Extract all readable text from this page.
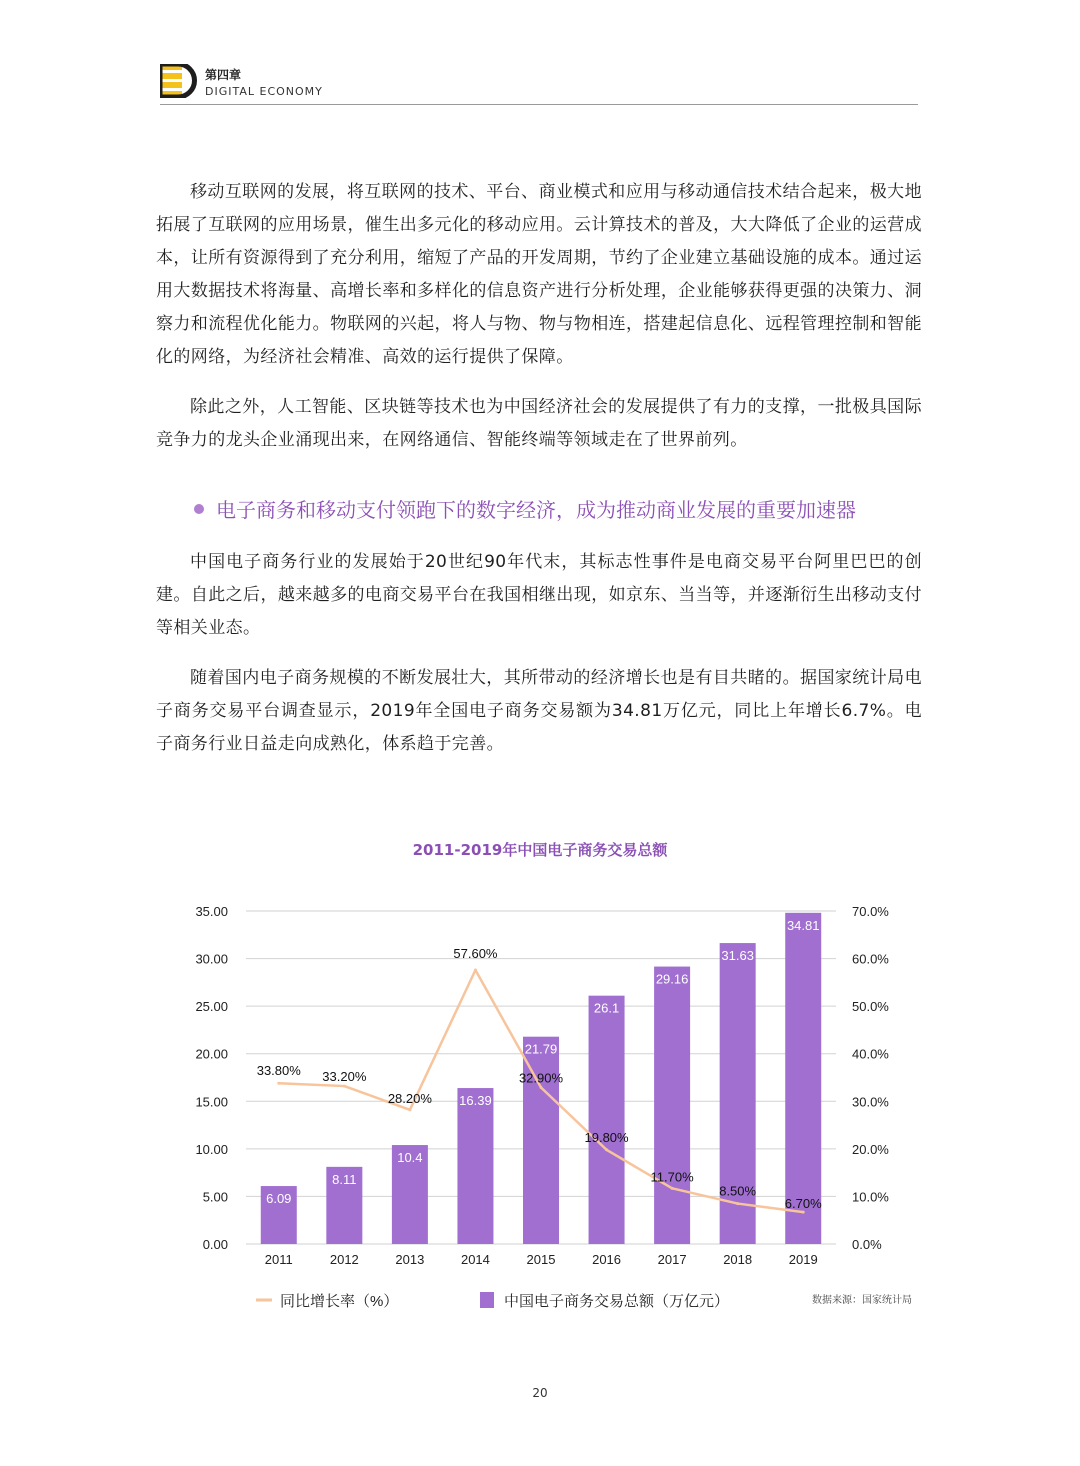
第四章
DIGITAL ECONOMY

移动互联网的发展，将互联网的技术、平台、商业模式和应用与移动通信技术结合起来，极大地拓展了互联网的应用场景，催生出多元化的移动应用。云计算技术的普及，大大降低了企业的运营成本，让所有资源得到了充分利用，缩短了产品的开发周期，节约了企业建立基础设施的成本。通过运用大数据技术将海量、高增长率和多样化的信息资产进行分析处理，企业能够获得更强的决策力、洞察力和流程优化能力。物联网的兴起，将人与物、物与物相连，搭建起信息化、远程管理控制和智能化的网络，为经济社会精准、高效的运行提供了保障。

除此之外，人工智能、区块链等技术也为中国经济社会的发展提供了有力的支撑，一批极具国际竞争力的龙头企业涌现出来，在网络通信、智能终端等领域走在了世界前列。

电子商务和移动支付领跑下的数字经济，成为推动商业发展的重要加速器

中国电子商务行业的发展始于20世纪90年代末，其标志性事件是电商交易平台阿里巴巴的创建。自此之后，越来越多的电商交易平台在我国相继出现，如京东、当当等，并逐渐衍生出移动支付等相关业态。

随着国内电子商务规模的不断发展壮大，其所带动的经济增长也是有目共睹的。据国家统计局电子商务交易平台调查显示，2019年全国电子商务交易额为34.81万亿元，同比上年增长6.7%。电子商务行业日益走向成熟化，体系趋于完善。

2011-2019年中国电子商务交易总额
0.00
5.00
10.00
15.00
20.00
25.00
30.00
35.00
0.0%
10.0%
20.0%
30.0%
40.0%
50.0%
60.0%
70.0%
6.09
2011
8.11
2012
10.4
2013
16.39
2014
21.79
2015
26.1
2016
29.16
2017
31.63
2018
34.81
2019
33.80% 33.20%
28.20%
57.60%
32.90%
19.80%
11.70%
8.50%
6.70%
同比增长率（%）	中国电子商务交易总额（万亿元）	数据来源：国家统计局
20
